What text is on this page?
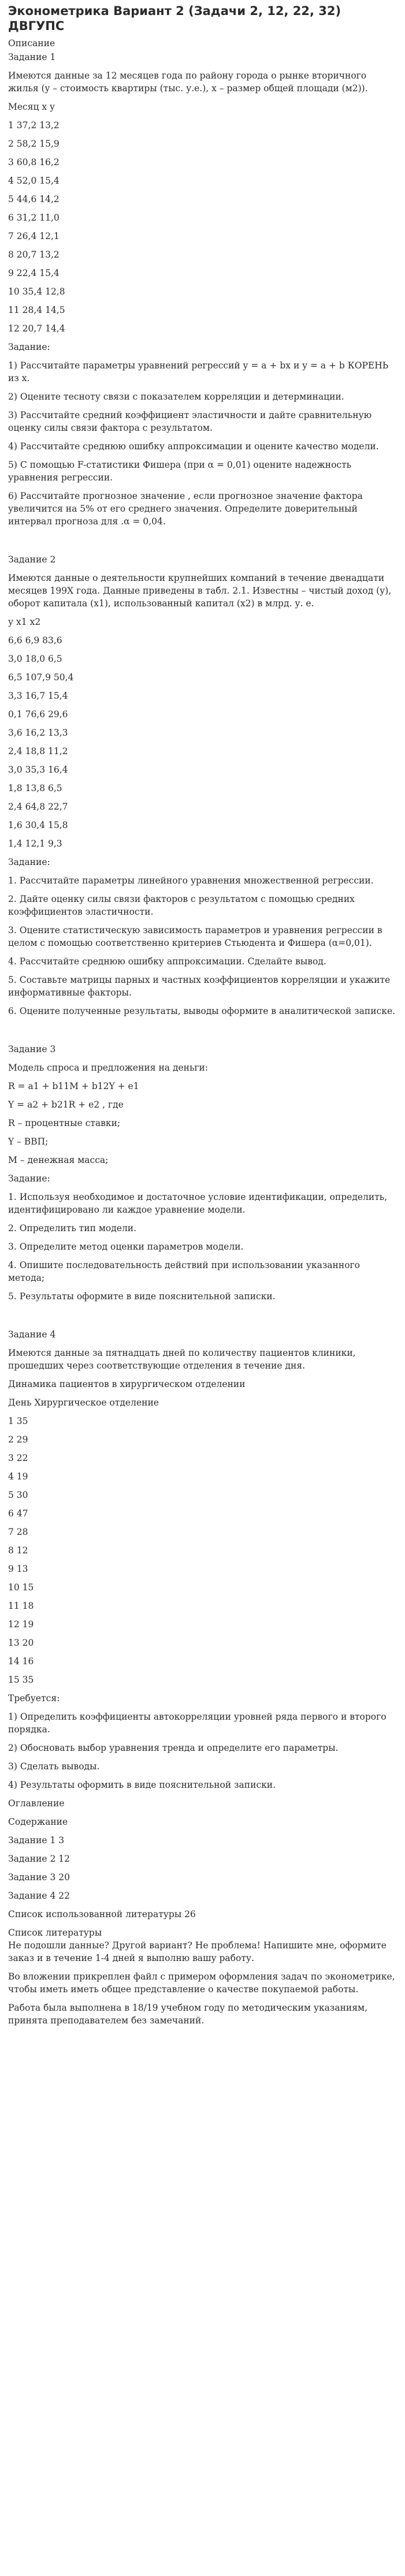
Эконометрика Вариант 2 (Задачи 2, 12, 22, 32) ДВГУПС

Описание

Задание 1

Имеются данные за 12 месяцев года по району города о рынке вторичного жилья (y – стоимость квартиры (тыс. у.е.), x – размер общей площади (м2)).

Месяц x y

1 37,2 13,2

2 58,2 15,9

3 60,8 16,2

4 52,0 15,4

5 44,6 14,2

6 31,2 11,0

7 26,4 12,1

8 20,7 13,2

9 22,4 15,4

10 35,4 12,8

11 28,4 14,5

12 20,7 14,4

Задание:

1) Рассчитайте параметры уравнений регрессий y = a + bx и y = a + b КОРЕНЬ из x.

2) Оцените тесноту связи с показателем корреляции и детерминации.

3) Рассчитайте средний коэффициент эластичности и дайте сравнительную оценку силы связи фактора с результатом.

4) Рассчитайте среднюю ошибку аппроксимации и оцените качество модели.

5) С помощью F-статистики Фишера (при α = 0,01) оцените надежность уравнения регрессии.

6) Рассчитайте прогнозное значение , если прогнозное значение фактора увеличится на 5% от его среднего значения. Определите доверительный интервал прогноза для .α = 0,04.

Задание 2

Имеются данные о деятельности крупнейших компаний в течение двенадцати месяцев 199Х года. Данные приведены в табл. 2.1. Известны – чистый доход (у), оборот капитала (x1), использованный капитал (x2) в млрд. у. е.

у x1 x2

6,6 6,9 83,6

3,0 18,0 6,5

6,5 107,9 50,4

3,3 16,7 15,4

0,1 76,6 29,6

3,6 16,2 13,3

2,4 18,8 11,2

3,0 35,3 16,4

1,8 13,8 6,5

2,4 64,8 22,7

1,6 30,4 15,8

1,4 12,1 9,3

Задание:

1. Рассчитайте параметры линейного уравнения множественной регрессии.

2. Дайте оценку силы связи факторов с результатом с помощью средних коэффициентов эластичности.

3. Оцените статистическую зависимость параметров и уравнения регрессии в целом с помощью соответственно критериев Стьюдента и Фишера (α=0,01).

4. Рассчитайте среднюю ошибку аппроксимации. Сделайте вывод.

5. Составьте матрицы парных и частных коэффициентов корреляции и укажите информативные факторы.

6. Оцените полученные результаты, выводы оформите в аналитической записке.

Задание 3

Модель спроса и предложения на деньги:

R = a1 + b11M + b12Y + e1

Y = a2 + b21R + e2 , где

R – процентные ставки;

Y – ВВП;

M – денежная масса;

Задание:

1. Используя необходимое и достаточное условие идентификации, определить, идентифицировано ли каждое уравнение модели.

2. Определить тип модели.

3. Определите метод оценки параметров модели.

4. Опишите последовательность действий при использовании указанного метода;

5. Результаты оформите в виде пояснительной записки.

Задание 4

Имеются данные за пятнадцать дней по количеству пациентов клиники, прошедших через соответствующие отделения в течение дня.

Динамика пациентов в хирургическом отделении

День Хирургическое отделение

1 35

2 29

3 22

4 19

5 30

6 47

7 28

8 12

9 13

10 15

11 18

12 19

13 20

14 16

15 35

Требуется:

1) Определить коэффициенты автокорреляции уровней ряда первого и второго порядка.

2) Обосновать выбор уравнения тренда и определите его параметры.

3) Сделать выводы.

4) Результаты оформить в виде пояснительной записки.

Оглавление

Содержание

Задание 1 3

Задание 2 12

Задание 3 20

Задание 4 22

Список использованной литературы 26

Список литературы

Не подошли данные? Другой вариант? Не проблема! Напишите мне, оформите заказ и в течение 1-4 дней я выполню вашу работу.

Во вложении прикреплен файл с примером оформления задач по эконометрике, чтобы иметь иметь общее представление о качестве покупаемой работы.

Работа была выполнена в 18/19 учебном году по методическим указаниям, принята преподавателем без замечаний.
